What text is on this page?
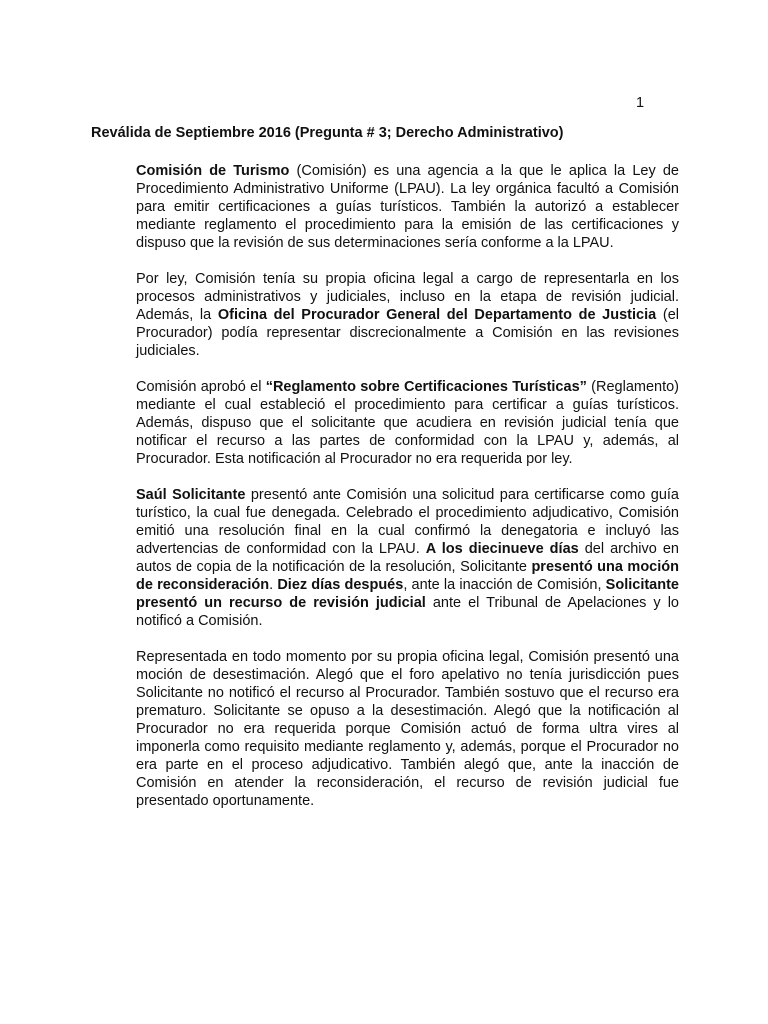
1
Reválida de Septiembre 2016 (Pregunta # 3; Derecho Administrativo)

Comisión de Turismo (Comisión) es una agencia a la que le aplica la Ley de Procedimiento Administrativo Uniforme (LPAU). La ley orgánica facultó a Comisión para emitir certificaciones a guías turísticos. También la autorizó a establecer mediante reglamento el procedimiento para la emisión de las certificaciones y dispuso que la revisión de sus determinaciones sería conforme a la LPAU.

Por ley, Comisión tenía su propia oficina legal a cargo de representarla en los procesos administrativos y judiciales, incluso en la etapa de revisión judicial. Además, la Oficina del Procurador General del Departamento de Justicia (el Procurador) podía representar discrecionalmente a Comisión en las revisiones judiciales.

Comisión aprobó el “Reglamento sobre Certificaciones Turísticas” (Reglamento) mediante el cual estableció el procedimiento para certificar a guías turísticos. Además, dispuso que el solicitante que acudiera en revisión judicial tenía que notificar el recurso a las partes de conformidad con la LPAU y, además, al Procurador. Esta notificación al Procurador no era requerida por ley.

Saúl Solicitante presentó ante Comisión una solicitud para certificarse como guía turístico, la cual fue denegada. Celebrado el procedimiento adjudicativo, Comisión emitió una resolución final en la cual confirmó la denegatoria e incluyó las advertencias de conformidad con la LPAU. A los diecinueve días del archivo en autos de copia de la notificación de la resolución, Solicitante presentó una moción de reconsideración. Diez días después, ante la inacción de Comisión, Solicitante presentó un recurso de revisión judicial ante el Tribunal de Apelaciones y lo notificó a Comisión.

Representada en todo momento por su propia oficina legal, Comisión presentó una moción de desestimación. Alegó que el foro apelativo no tenía jurisdicción pues Solicitante no notificó el recurso al Procurador. También sostuvo que el recurso era prematuro. Solicitante se opuso a la desestimación. Alegó que la notificación al Procurador no era requerida porque Comisión actuó de forma ultra vires al imponerla como requisito mediante reglamento y, además, porque el Procurador no era parte en el proceso adjudicativo. También alegó que, ante la inacción de Comisión en atender la reconsideración, el recurso de revisión judicial fue presentado oportunamente.
